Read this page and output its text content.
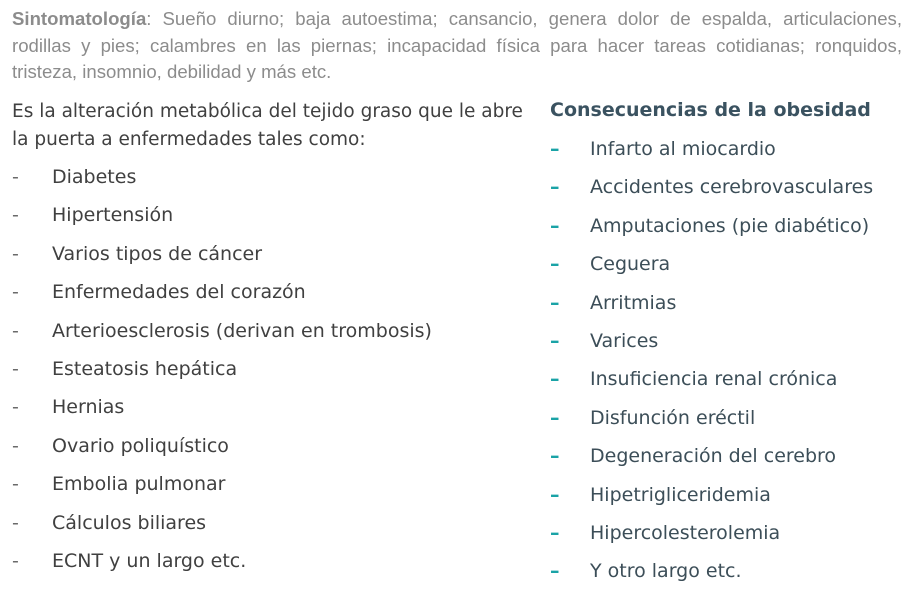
Sintomatología: Sueño diurno; baja autoestima; cansancio, genera dolor de espalda, articulaciones, rodillas y pies; calambres en las piernas; incapacidad física para hacer tareas cotidianas; ronquidos, tristeza, insomnio, debilidad y más etc.

Es la alteración metabólica del tejido graso que le abre la puerta a enfermedades tales como:

- Diabetes
- Hipertensión
- Varios tipos de cáncer
- Enfermedades del corazón
- Arterioesclerosis (derivan en trombosis)
- Esteatosis hepática
- Hernias
- Ovario poliquístico
- Embolia pulmonar
- Cálculos biliares
- ECNT y un largo etc.

Consecuencias de la obesidad

– Infarto al miocardio
– Accidentes cerebrovasculares
– Amputaciones (pie diabético)
– Ceguera
– Arritmias
– Varices
– Insuficiencia renal crónica
– Disfunción eréctil
– Degeneración del cerebro
– Hipetrigliceridemia
– Hipercolesterolemia
– Y otro largo etc.
